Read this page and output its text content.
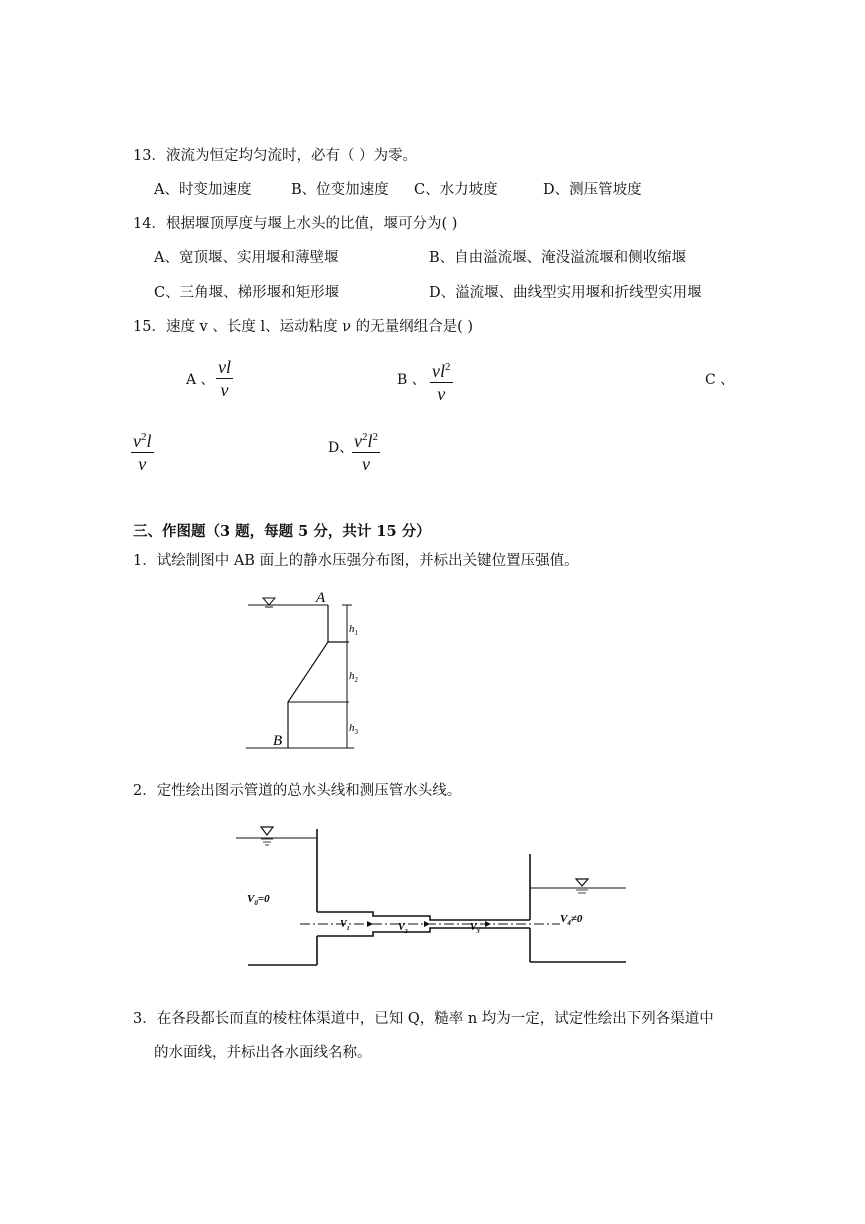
13．液流为恒定均匀流时，必有（ ）为零。
A、时变加速度	B、位变加速度 C、水力坡度	D、测压管坡度
14．根据堰顶厚度与堰上水头的比值，堰可分为( )
A、宽顶堰、实用堰和薄壁堰	B、自由溢流堰、淹没溢流堰和侧收缩堰
C、三角堰、梯形堰和矩形堰	D、溢流堰、曲线型实用堰和折线型实用堰
15．速度 v 、长度 l、运动粘度 ν 的无量纲组合是( )
A 、
vl
ν	B 、 $vl^2$
ν
C 、
$v^2l$
ν
D、 $v^2l^2$
ν
三、作图题（3 题，每题 5 分，共计 15 分）
1．试绘制图中 AB 面上的静水压强分布图，并标出关键位置压强值。
A
B
$h_1$
$h_2$
$h_3$
2．定性绘出图示管道的总水头线和测压管水头线。
$V_0=0$
$V_1$	$V_2$	$V_3$
$V_4\ne 0$
3．在各段都长而直的棱柱体渠道中，已知 Q，糙率 n 均为一定，试定性绘出下列各渠道中
的水面线，并标出各水面线名称。
